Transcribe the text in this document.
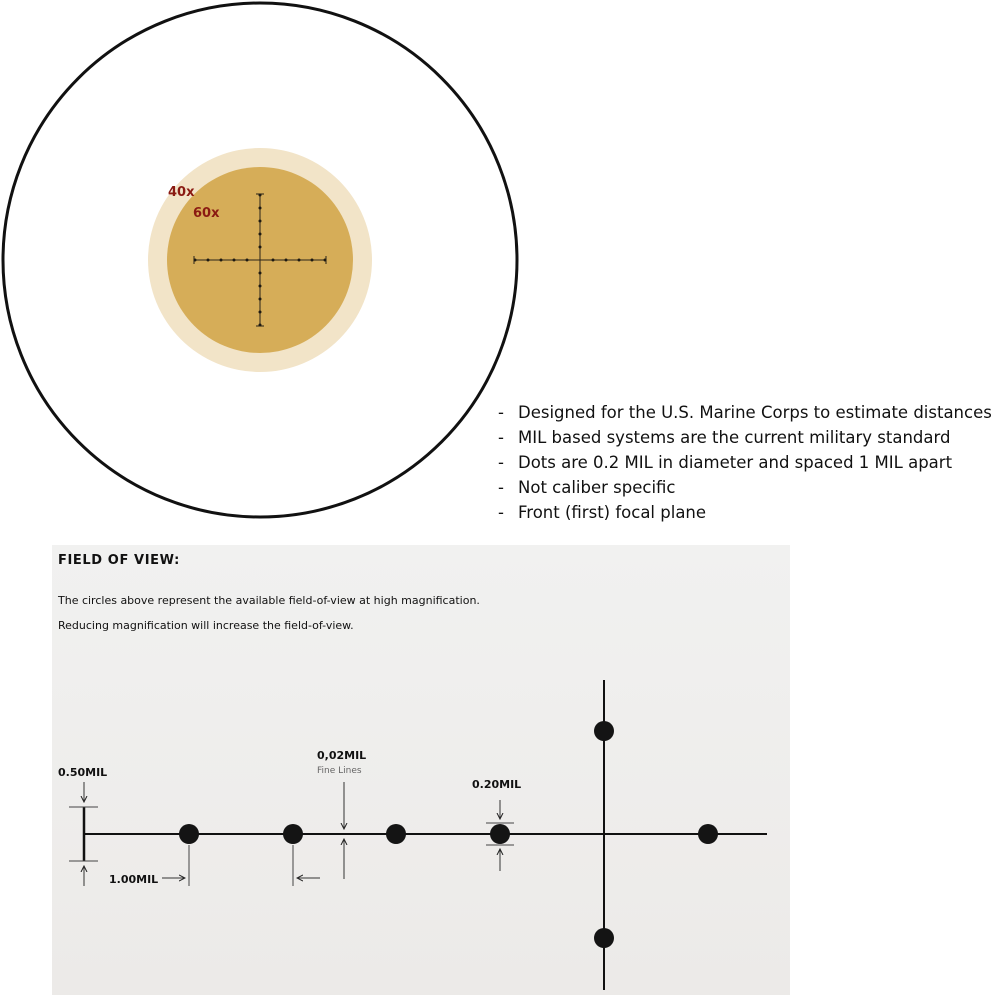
40x
60x
- Designed for the U.S. Marine Corps to estimate distances
- MIL based systems are the current military standard
- Dots are 0.2 MIL in diameter and spaced 1 MIL apart
- Not caliber specific
- Front (first) focal plane
FIELD OF VIEW:

The circles above represent the available field-of-view at high magnification.

Reducing magnification will increase the field-of-view.

0.50MIL
1.00MIL
0,02MIL
Fine Lines
0.20MIL
